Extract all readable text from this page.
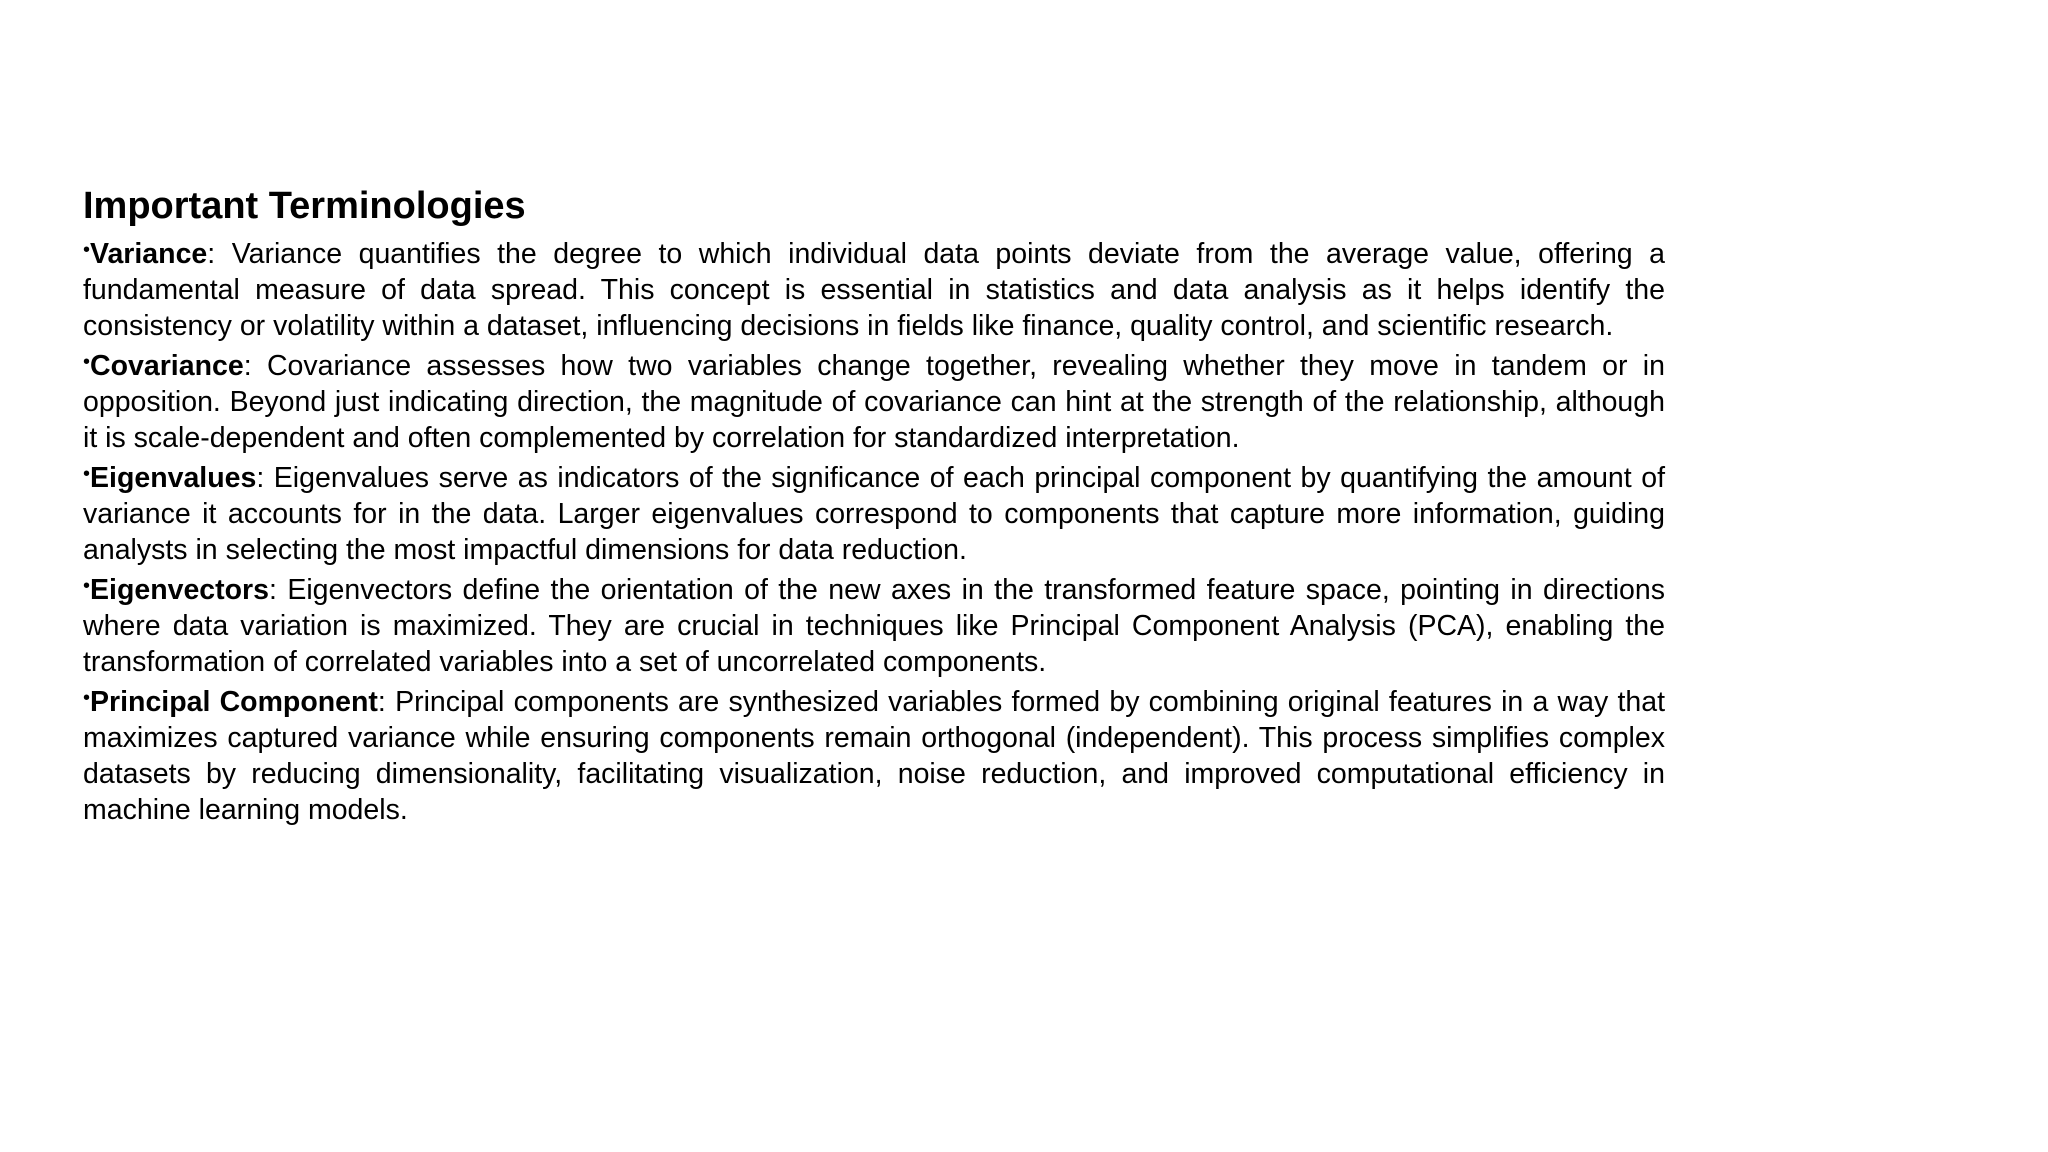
Important Terminologies

•Variance: Variance quantifies the degree to which individual data points deviate from the average value, offering a fundamental measure of data spread. This concept is essential in statistics and data analysis as it helps identify the consistency or volatility within a dataset, influencing decisions in fields like finance, quality control, and scientific research.

•Covariance: Covariance assesses how two variables change together, revealing whether they move in tandem or in opposition. Beyond just indicating direction, the magnitude of covariance can hint at the strength of the relationship, although it is scale-dependent and often complemented by correlation for standardized interpretation.

•Eigenvalues: Eigenvalues serve as indicators of the significance of each principal component by quantifying the amount of variance it accounts for in the data. Larger eigenvalues correspond to components that capture more information, guiding analysts in selecting the most impactful dimensions for data reduction.

•Eigenvectors: Eigenvectors define the orientation of the new axes in the transformed feature space, pointing in directions where data variation is maximized. They are crucial in techniques like Principal Component Analysis (PCA), enabling the transformation of correlated variables into a set of uncorrelated components.

•Principal Component: Principal components are synthesized variables formed by combining original features in a way that maximizes captured variance while ensuring components remain orthogonal (independent). This process simplifies complex datasets by reducing dimensionality, facilitating visualization, noise reduction, and improved computational efficiency in machine learning models.
